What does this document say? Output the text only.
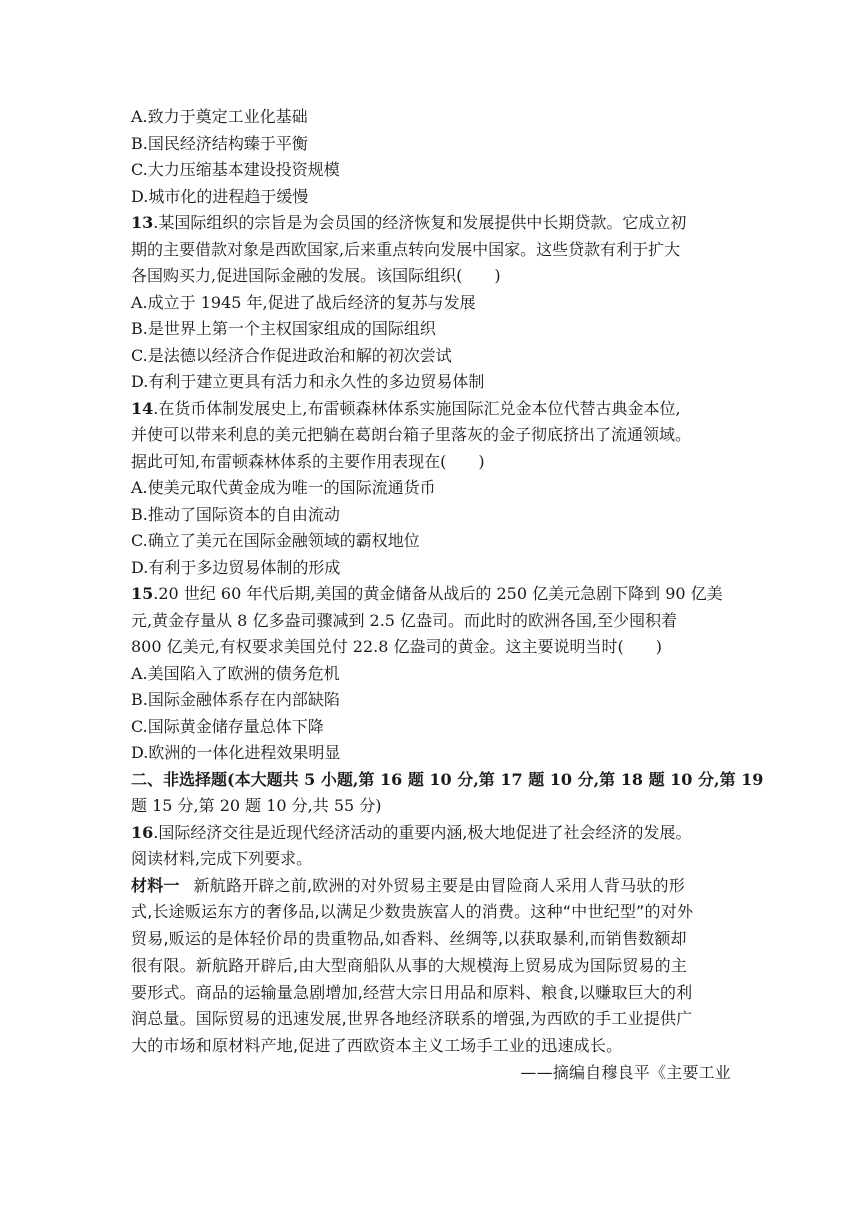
A.致力于奠定工业化基础
B.国民经济结构臻于平衡
C.大力压缩基本建设投资规模
D.城市化的进程趋于缓慢
13.某国际组织的宗旨是为会员国的经济恢复和发展提供中长期贷款。它成立初
期的主要借款对象是西欧国家,后来重点转向发展中国家。这些贷款有利于扩大
各国购买力,促进国际金融的发展。该国际组织(　　)
A.成立于 1945 年,促进了战后经济的复苏与发展
B.是世界上第一个主权国家组成的国际组织
C.是法德以经济合作促进政治和解的初次尝试
D.有利于建立更具有活力和永久性的多边贸易体制
14.在货币体制发展史上,布雷顿森林体系实施国际汇兑金本位代替古典金本位,
并使可以带来利息的美元把躺在葛朗台箱子里落灰的金子彻底挤出了流通领域。
据此可知,布雷顿森林体系的主要作用表现在(　　)
A.使美元取代黄金成为唯一的国际流通货币
B.推动了国际资本的自由流动
C.确立了美元在国际金融领域的霸权地位
D.有利于多边贸易体制的形成
15.20 世纪 60 年代后期,美国的黄金储备从战后的 250 亿美元急剧下降到 90 亿美
元,黄金存量从 8 亿多盎司骤减到 2.5 亿盎司。而此时的欧洲各国,至少囤积着
800 亿美元,有权要求美国兑付 22.8 亿盎司的黄金。这主要说明当时(　　)
A.美国陷入了欧洲的债务危机
B.国际金融体系存在内部缺陷
C.国际黄金储存量总体下降
D.欧洲的一体化进程效果明显
二、非选择题(本大题共 5 小题,第 16 题 10 分,第 17 题 10 分,第 18 题 10 分,第 19
题 15 分,第 20 题 10 分,共 55 分)
16.国际经济交往是近现代经济活动的重要内涵,极大地促进了社会经济的发展。
阅读材料,完成下列要求。
材料一 新航路开辟之前,欧洲的对外贸易主要是由冒险商人采用人背马驮的形
式,长途贩运东方的奢侈品,以满足少数贵族富人的消费。这种“中世纪型”的对外
贸易,贩运的是体轻价昂的贵重物品,如香料、丝绸等,以获取暴利,而销售数额却
很有限。新航路开辟后,由大型商船队从事的大规模海上贸易成为国际贸易的主
要形式。商品的运输量急剧增加,经营大宗日用品和原料、粮食,以赚取巨大的利
润总量。国际贸易的迅速发展,世界各地经济联系的增强,为西欧的手工业提供广
大的市场和原材料产地,促进了西欧资本主义工场手工业的迅速成长。
——摘编自穆良平《主要工业
